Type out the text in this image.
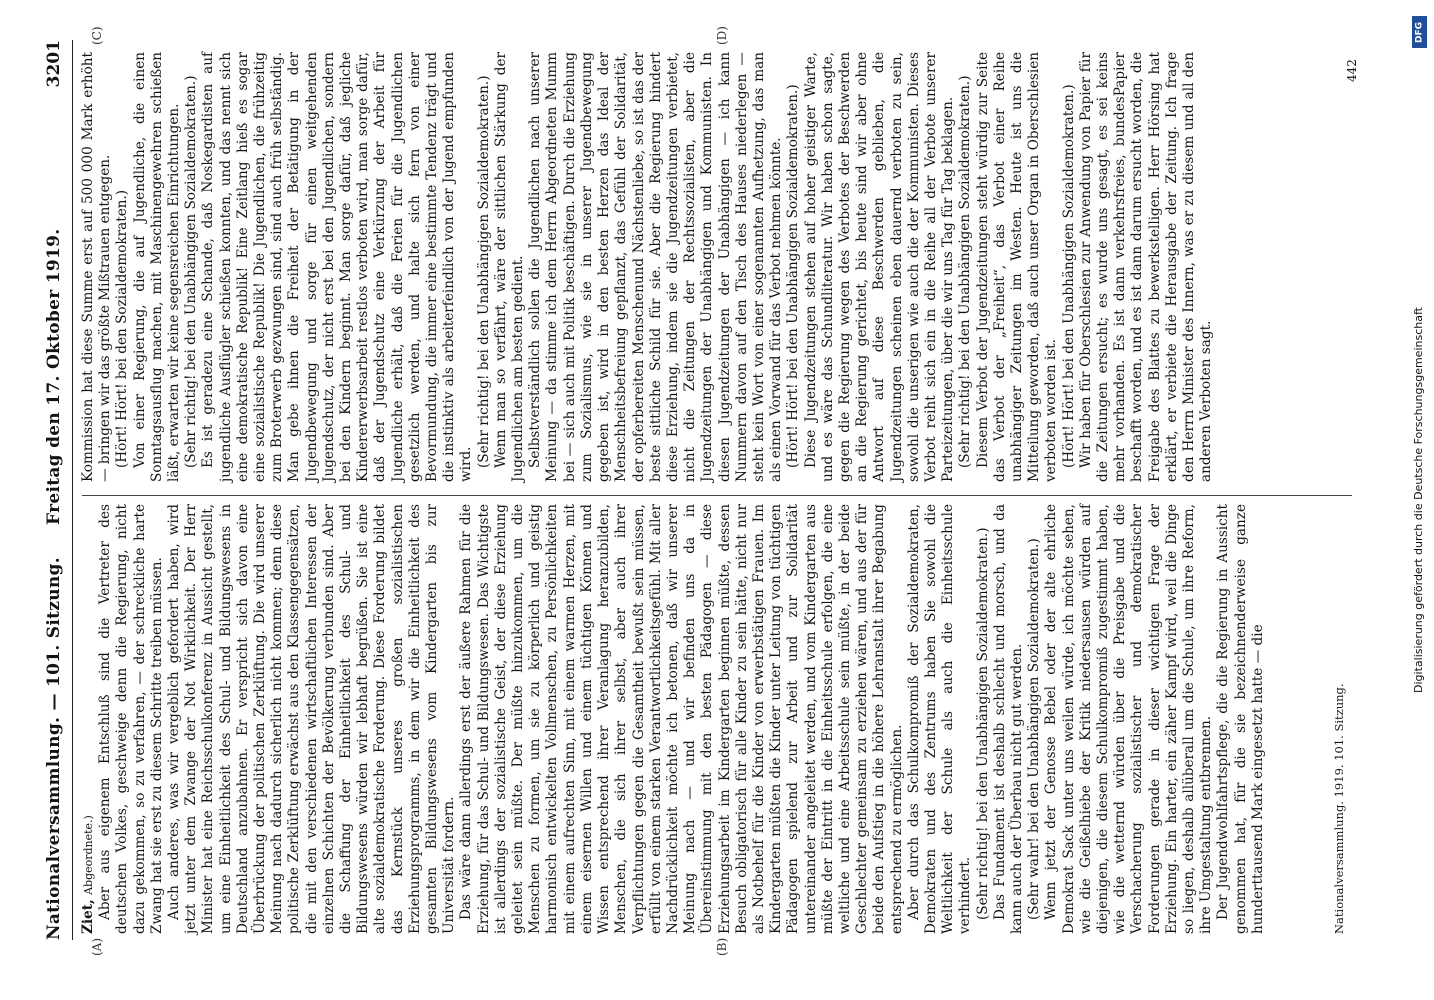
Nationalversammlung. — 101. Sitzung.
Freitag den 17. Oktober 1919.
3201
(A)	(B)
(C)	(D)

Ziet, Abgeordnete.) Aber aus eigenem Entschluß sind die Vertreter des deutschen Volkes, geschweige denn die Regierung, nicht dazu gekommen, so zu verfahren, — der schreckliche harte Zwang hat sie erst zu diesem Schritte treiben müssen. Auch anderes, was wir vergeblich gefordert haben, wird jetzt unter dem Zwange der Not Wirklichkeit. Der Herr Minister hat eine Reichsschulkonferenz in Aussicht gestellt, um eine Einheitlichkeit des Schul- und Bildungswesens in Deutschland anzubahnen. Er verspricht sich davon eine Überbrückung der politischen Zerklüftung. Die wird unserer Meinung nach dadurch sicherlich nicht kommen; denn diese politische Zerklüftung erwächst aus den Klassengegensätzen, die mit den verschiedenen wirtschaftlichen Interessen der einzelnen Schichten der Bevölkerung verbunden sind. Aber die Schaffung der Einheitlichkeit des Schul- und Bildungswesens würden wir lebhaft begrüßen. Sie ist eine alte sozialdemokratische Forderung. Diese Forderung bildet das Kernstück unseres großen sozialistischen Erziehungsprogramms, in dem wir die Einheitlichkeit des gesamten Bildungswesens vom Kindergarten bis zur Universität fordern. Das wäre dann allerdings erst der äußere Rahmen für die Erziehung, für das Schul- und Bildungswesen. Das Wichtigste ist allerdings der sozialistische Geist, der diese Erziehung geleitet sein müßte. Der müßte hinzukommen, um die Menschen zu formen, um sie zu körperlich und geistig harmonisch entwickelten Vollmenschen, zu Persönlichkeiten mit einem aufrechten Sinn, mit einem warmen Herzen, mit einem eisernen Willen und einem tüchtigen Können und Wissen entsprechend ihrer Veranlagung heranzubilden, Menschen, die sich ihrer selbst, aber auch ihrer Verpflichtungen gegen die Gesamtheit bewußt sein müssen, erfüllt von einem starken Verantwortlichkeitsgefühl. Mit aller Nachdrücklichkeit möchte ich betonen, daß wir unserer Meinung nach — und wir befinden uns da in Übereinstimmung mit den besten Pädagogen — diese Erziehungsarbeit im Kindergarten beginnen müßte, dessen Besuch obligatorisch für alle Kinder zu sein hätte, nicht nur als Notbehelf für die Kinder von erwerbstätigen Frauen. Im Kindergarten müßten die Kinder unter Leitung von tüchtigen Pädagogen spielend zur Arbeit und zur Solidarität untereinander angeleitet werden, und vom Kindergarten aus müßte der Eintritt in die Einheitsschule erfolgen, die eine weltliche und eine Arbeitsschule sein müßte, in der beide Geschlechter gemeinsam zu erziehen wären, und aus der für beide den Aufstieg in die höhere Lehranstalt ihrer Begabung entsprechend zu ermöglichen. Aber durch das Schulkompromiß der Sozialdemokraten, Demokraten und des Zentrums haben Sie sowohl die Weltlichkeit der Schule als auch die Einheitsschule verhindert. (Sehr richtig! bei den Unabhängigen Sozialdemokraten.) Das Fundament ist deshalb schlecht und morsch, und da kann auch der Überbau nicht gut werden. (Sehr wahr! bei den Unabhängigen Sozialdemokraten.) Wenn jetzt der Genosse Bebel oder der alte ehrliche Demokrat Sack unter uns weilen würde, ich möchte sehen, wie die Geißelhiebe der Kritik niedersausen würden auf diejenigen, die diesem Schulkompromiß zugestimmt haben, wie die wetternd würden über die Preisgabe und die Verschacherung sozialistischer und demokratischer Forderungen gerade in dieser wichtigen Frage der Erziehung. Ein harter, ein zäher Kampf wird, weil die Dinge so liegen, deshalb allüberall um die Schule, um ihre Reform, ihre Umgestaltung entbrennen. Der Jugendwohlfahrtspflege, die die Regierung in Aussicht genommen hat, für die sie bezeichnenderweise ganze hunderttausend Mark eingesetzt hatte — die

Kommission hat diese Summe erst auf 500 000 Mark erhöht — bringen wir das größte Mißtrauen entgegen. (Hört! Hört! bei den Sozialdemokraten.) Von einer Regierung, die auf Jugendliche, die einen Sonntagsausflug machen, mit Maschinengewehren schießen läßt, erwarten wir keine segensreichen Einrichtungen. (Sehr richtig! bei den Unabhängigen Sozialdemokraten.) Es ist geradezu eine Schande, daß Noskegardisten auf jugendliche Ausflügler schießen konnten, und das nennt sich eine demokratische Republik! Eine Zeitlang hieß es sogar eine sozialistische Republik! Die Jugendlichen, die frühzeitig zum Broterwerb gezwungen sind, sind auch früh selbständig. Man gebe ihnen die Freiheit der Betätigung in der Jugendbewegung und sorge für einen weitgehenden Jugendschutz, der nicht erst bei den Jugendlichen, sondern bei den Kindern beginnt. Man sorge dafür, daß jegliche Kindererwerbsarbeit restlos verboten wird, man sorge dafür, daß der Jugendschutz eine Verkürzung der Arbeit für Jugendliche erhält, daß die Ferien für die Jugendlichen gesetzlich werden, und halte sich fern von einer Bevormundung, die immer eine bestimmte Tendenz trägt und die instinktiv als arbeiterfeindlich von der Jugend empfunden wird. (Sehr richtig! bei den Unabhängigen Sozialdemokraten.) Wenn man so verfährt, wäre der sittlichen Stärkung der Jugendlichen am besten gedient. Selbstverständlich sollen die Jugendlichen nach unserer Meinung — da stimme ich dem Herrn Abgeordneten Mumm bei — sich auch mit Politik beschäftigen. Durch die Erziehung zum Sozialismus, wie sie in unserer Jugendbewegung gegeben ist, wird in den besten Herzen das Ideal der Menschheitsbefreiung gepflanzt, das Gefühl der Solidarität, der opferbereiten Menschenund Nächstenliebe, so ist das der beste sittliche Schild für sie. Aber die Regierung hindert diese Erziehung, indem sie die Jugendzeitungen verbietet, nicht die Zeitungen der Rechtssozialisten, aber die Jugendzeitungen der Unabhängigen und Kommunisten. In diesen Jugendzeitungen der Unabhängigen — ich kann Nummern davon auf den Tisch des Hauses niederlegen — steht kein Wort von einer sogenannten Aufhetzung, das man als einen Vorwand für das Verbot nehmen könnte. (Hört! Hört! bei den Unabhängigen Sozialdemokraten.) Diese Jugendzeitungen stehen auf hoher geistiger Warte, und es wäre das Schundliteratur. Wir haben schon sagte, gegen die Regierung wegen des Verbotes der Beschwerden an die Regierung gerichtet, bis heute sind wir aber ohne Antwort auf diese Beschwerden geblieben, die Jugendzeitungen scheinen eben dauernd verboten zu sein, sowohl die unserigen wie auch die der Kommunisten. Dieses Verbot reiht sich ein in die Reihe all der Verbote unserer Parteizeitungen, über die wir uns Tag für Tag beklagen. (Sehr richtig! bei den Unabhängigen Sozialdemokraten.) Diesem Verbot der Jugendzeitungen steht würdig zur Seite das Verbot der „Freiheit“, das Verbot einer Reihe unabhängiger Zeitungen im Westen. Heute ist uns die Mitteilung geworden, daß auch unser Organ in Oberschlesien verboten worden ist. (Hört! Hört! bei den Unabhängigen Sozialdemokraten.) Wir haben für Oberschlesien zur Anwendung von Papier für die Zeitungen ersucht; es wurde uns gesagt, es sei keins mehr vorhanden. Es ist dann verkehrsfreies, bundesPapier beschafft worden, und es ist dann darum ersucht worden, die Freigabe des Blattes zu bewerkstelligen. Herr Hörsing hat erklärt, er verbiete die Herausgabe der Zeitung. Ich frage den Herrn Minister des Innern, was er zu diesem und all den anderen Verboten sagt.

Nationalversammlung. 1919. 101. Sitzung.
442
Digitalisierung gefördert durch die Deutsche Forschungsgemeinschaft
DFG
